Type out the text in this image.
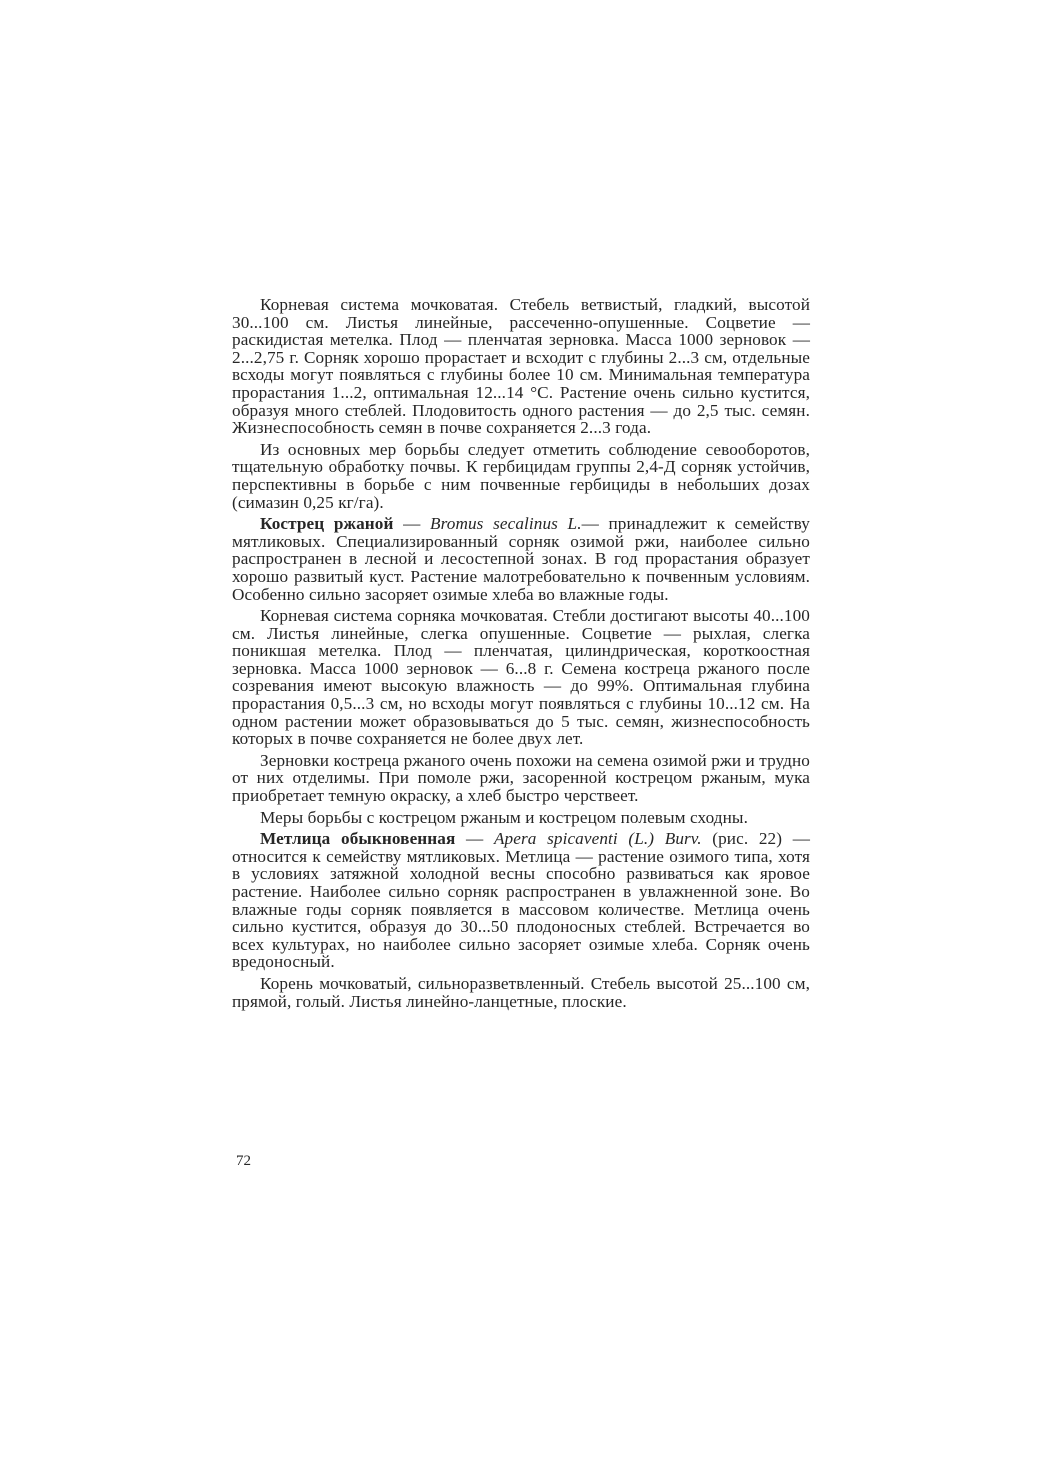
Корневая система мочковатая. Стебель ветвистый, гладкий, высотой 30...100 см. Листья линейные, рассеченно-опушенные. Соцветие — раскидистая метелка. Плод — пленчатая зерновка. Масса 1000 зерновок — 2...2,75 г. Сорняк хорошо прорастает и всходит с глубины 2...3 см, отдельные всходы могут появляться с глубины более 10 см. Минимальная температура прорастания 1...2, оптимальная 12...14 °С. Растение очень сильно кустится, образуя много стеблей. Плодовитость одного растения — до 2,5 тыс. семян. Жизнеспособность семян в почве сохраняется 2...3 года.

Из основных мер борьбы следует отметить соблюдение севооборотов, тщательную обработку почвы. К гербицидам группы 2,4-Д сорняк устойчив, перспективны в борьбе с ним почвенные гербициды в небольших дозах (симазин 0,25 кг/га).

Кострец ржаной — Bromus secalinus L.— принадлежит к семейству мятликовых. Специализированный сорняк озимой ржи, наиболее сильно распространен в лесной и лесостепной зонах. В год прорастания образует хорошо развитый куст. Растение малотребовательно к почвенным условиям. Особенно сильно засоряет озимые хлеба во влажные годы.

Корневая система сорняка мочковатая. Стебли достигают высоты 40...100 см. Листья линейные, слегка опушенные. Соцветие — рыхлая, слегка поникшая метелка. Плод — пленчатая, цилиндрическая, короткоостная зерновка. Масса 1000 зерновок — 6...8 г. Семена костреца ржаного после созревания имеют высокую влажность — до 99%. Оптимальная глубина прорастания 0,5...3 см, но всходы могут появляться с глубины 10...12 см. На одном растении может образовываться до 5 тыс. семян, жизнеспособность которых в почве сохраняется не более двух лет.

Зерновки костреца ржаного очень похожи на семена озимой ржи и трудно от них отделимы. При помоле ржи, засоренной кострецом ржаным, мука приобретает темную окраску, а хлеб быстро черствеет.

Меры борьбы с кострецом ржаным и кострецом полевым сходны.

Метлица обыкновенная — Apera spicaventi (L.) Burv. (рис. 22) — относится к семейству мятликовых. Метлица — растение озимого типа, хотя в условиях затяжной холодной весны способно развиваться как яровое растение. Наиболее сильно сорняк распространен в увлажненной зоне. Во влажные годы сорняк появляется в массовом количестве. Метлица очень сильно кустится, образуя до 30...50 плодоносных стеблей. Встречается во всех культурах, но наиболее сильно засоряет озимые хлеба. Сорняк очень вредоносный.

Корень мочковатый, сильноразветвленный. Стебель высотой 25...100 см, прямой, голый. Листья линейно-ланцетные, плоские.

72
